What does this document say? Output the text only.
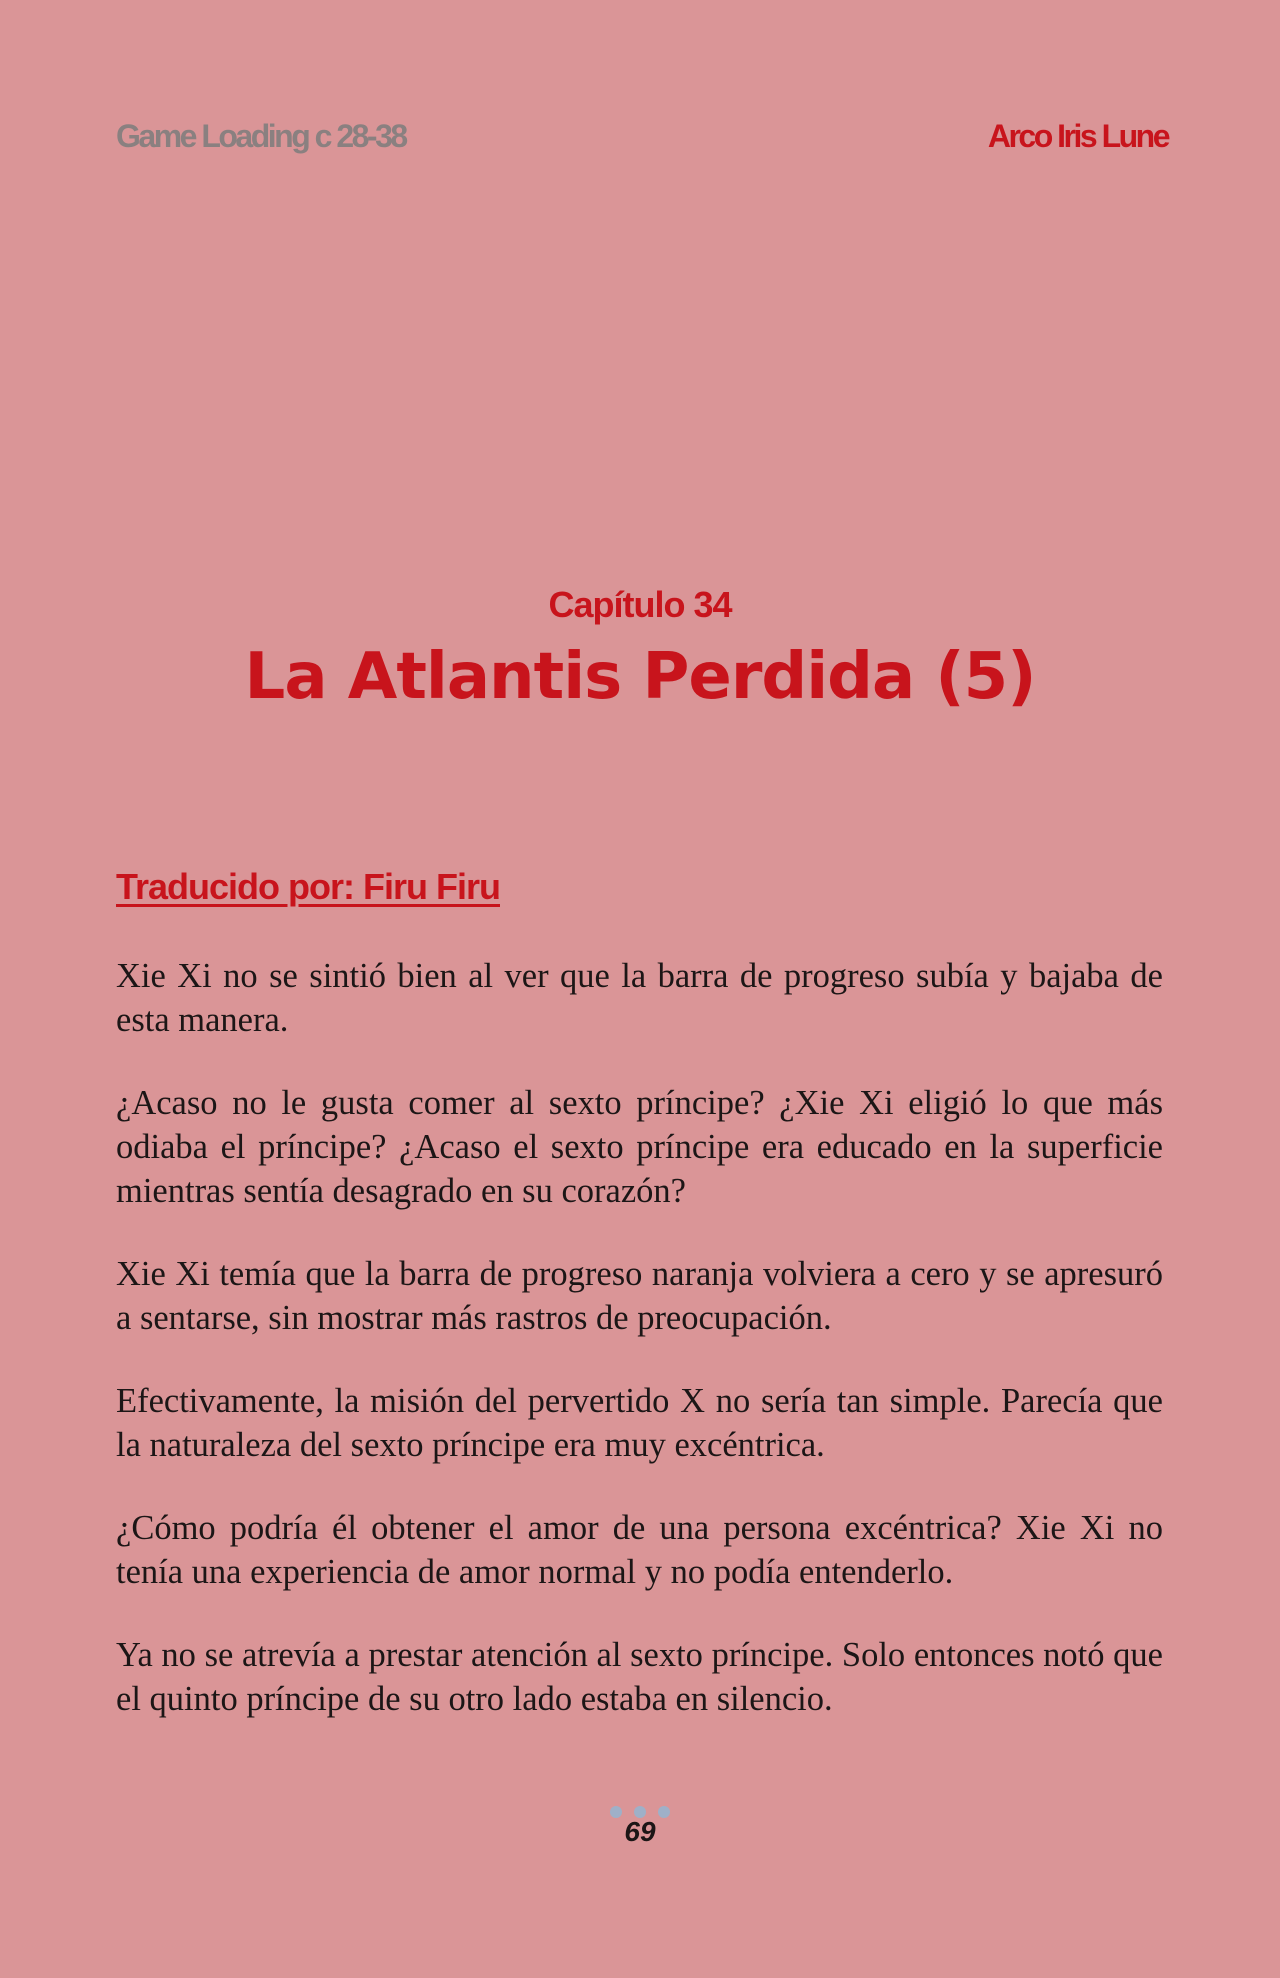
Game Loading c 28-38	Arco Iris Lune
Capítulo 34
La Atlantis Perdida (5)
Traducido por: Firu Firu

Xie Xi no se sintió bien al ver que la barra de progreso subía y bajaba de esta manera.

¿Acaso no le gusta comer al sexto príncipe? ¿Xie Xi eligió lo que más odiaba el príncipe? ¿Acaso el sexto príncipe era educado en la superficie mientras sentía desagrado en su corazón?

Xie Xi temía que la barra de progreso naranja volviera a cero y se apresuró a sentarse, sin mostrar más rastros de preocupación.

Efectivamente, la misión del pervertido X no sería tan simple. Parecía que la naturaleza del sexto príncipe era muy excéntrica.

¿Cómo podría él obtener el amor de una persona excéntrica? Xie Xi no tenía una experiencia de amor normal y no podía entenderlo.

Ya no se atrevía a prestar atención al sexto príncipe. Solo entonces notó que el quinto príncipe de su otro lado estaba en silencio.

69
